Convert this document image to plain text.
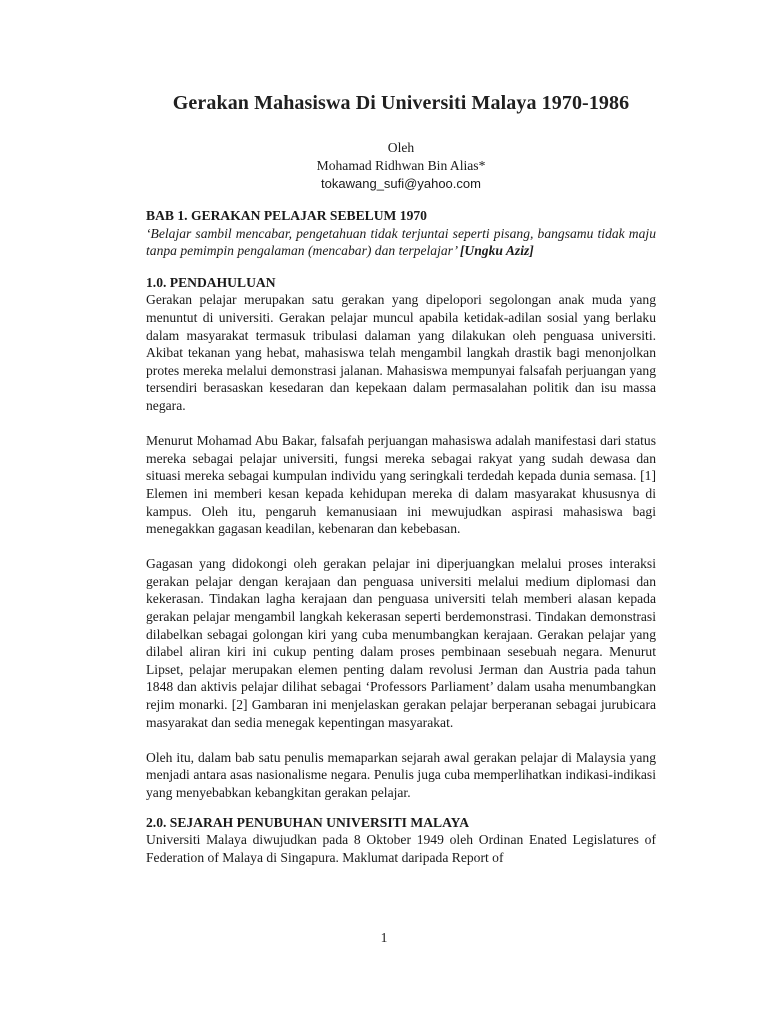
Gerakan Mahasiswa Di Universiti Malaya 1970-1986
Oleh
Mohamad Ridhwan Bin Alias*
tokawang_sufi@yahoo.com
BAB 1. GERAKAN PELAJAR SEBELUM 1970
‘Belajar sambil mencabar, pengetahuan tidak terjuntai seperti pisang, bangsamu tidak maju tanpa pemimpin pengalaman (mencabar) dan terpelajar’ [Ungku Aziz]
1.0. PENDAHULUAN

Gerakan pelajar merupakan satu gerakan yang dipelopori segolongan anak muda yang menuntut di universiti. Gerakan pelajar muncul apabila ketidak-adilan sosial yang berlaku dalam masyarakat termasuk tribulasi dalaman yang dilakukan oleh penguasa universiti. Akibat tekanan yang hebat, mahasiswa telah mengambil langkah drastik bagi menonjolkan protes mereka melalui demonstrasi jalanan. Mahasiswa mempunyai falsafah perjuangan yang tersendiri berasaskan kesedaran dan kepekaan dalam permasalahan politik dan isu massa negara.

Menurut Mohamad Abu Bakar, falsafah perjuangan mahasiswa adalah manifestasi dari status mereka sebagai pelajar universiti, fungsi mereka sebagai rakyat yang sudah dewasa dan situasi mereka sebagai kumpulan individu yang seringkali terdedah kepada dunia semasa. [1] Elemen ini memberi kesan kepada kehidupan mereka di dalam masyarakat khususnya di kampus. Oleh itu, pengaruh kemanusiaan ini mewujudkan aspirasi mahasiswa bagi menegakkan gagasan keadilan, kebenaran dan kebebasan.

Gagasan yang didokongi oleh gerakan pelajar ini diperjuangkan melalui proses interaksi gerakan pelajar dengan kerajaan dan penguasa universiti melalui medium diplomasi dan kekerasan. Tindakan lagha kerajaan dan penguasa universiti telah memberi alasan kepada gerakan pelajar mengambil langkah kekerasan seperti berdemonstrasi. Tindakan demonstrasi dilabelkan sebagai golongan kiri yang cuba menumbangkan kerajaan. Gerakan pelajar yang dilabel aliran kiri ini cukup penting dalam proses pembinaan sesebuah negara. Menurut Lipset, pelajar merupakan elemen penting dalam revolusi Jerman dan Austria pada tahun 1848 dan aktivis pelajar dilihat sebagai ‘Professors Parliament’ dalam usaha menumbangkan rejim monarki. [2] Gambaran ini menjelaskan gerakan pelajar berperanan sebagai jurubicara masyarakat dan sedia menegak kepentingan masyarakat.

Oleh itu, dalam bab satu penulis memaparkan sejarah awal gerakan pelajar di Malaysia yang menjadi antara asas nasionalisme negara. Penulis juga cuba memperlihatkan indikasi-indikasi yang menyebabkan kebangkitan gerakan pelajar.

2.0. SEJARAH PENUBUHAN UNIVERSITI MALAYA

Universiti Malaya diwujudkan pada 8 Oktober 1949 oleh Ordinan Enated Legislatures of Federation of Malaya di Singapura. Maklumat daripada Report of

1
